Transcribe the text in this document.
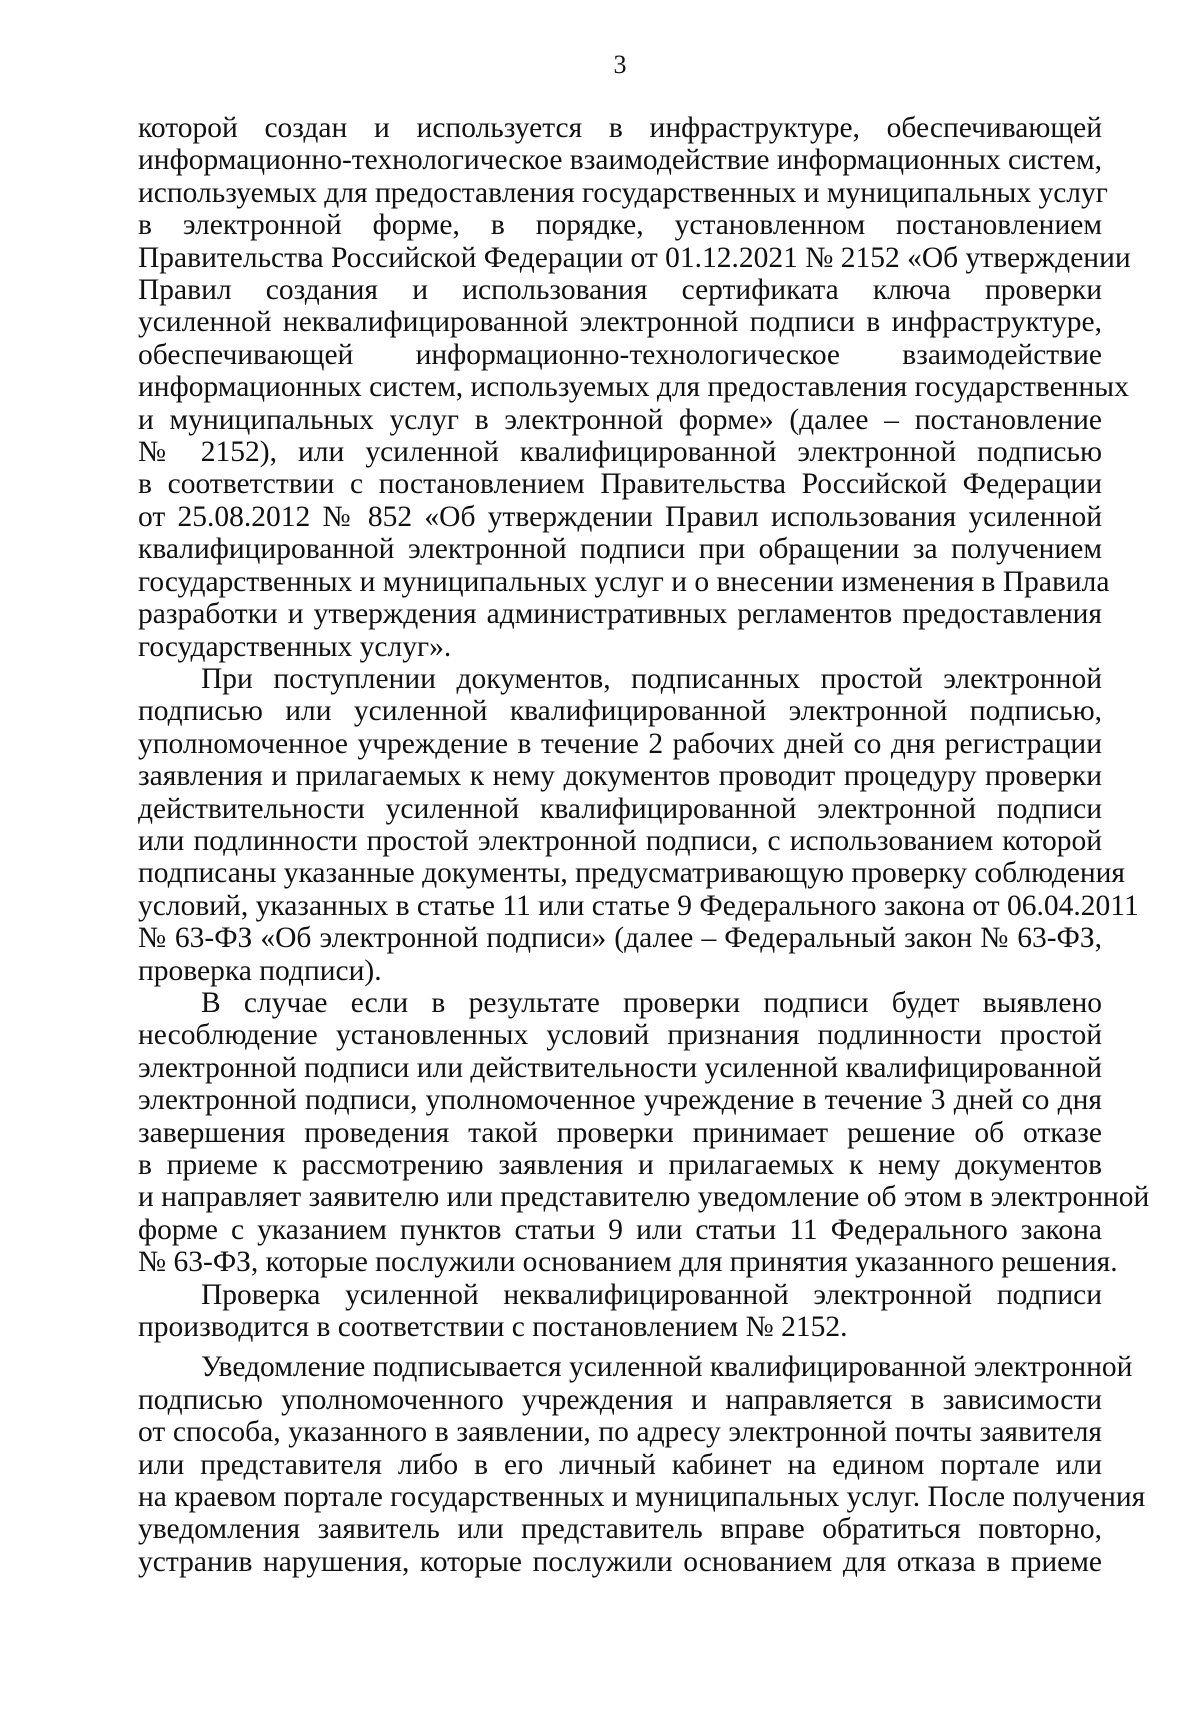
3
которой создан и используется в инфраструктуре, обеспечивающей
информационно-технологическое взаимодействие информационных систем,
используемых для предоставления государственных и муниципальных услуг
в электронной форме, в порядке, установленном постановлением
Правительства Российской Федерации от 01.12.2021 № 2152 «Об утверждении
Правил создания и использования сертификата ключа проверки
усиленной неквалифицированной электронной подписи в инфраструктуре,
обеспечивающей информационно-технологическое взаимодействие
информационных систем, используемых для предоставления государственных
и муниципальных услуг в электронной форме» (далее – постановление
№ 2152), или усиленной квалифицированной электронной подписью
в соответствии с постановлением Правительства Российской Федерации
от 25.08.2012 № 852 «Об утверждении Правил использования усиленной
квалифицированной электронной подписи при обращении за получением
государственных и муниципальных услуг и о внесении изменения в Правила
разработки и утверждения административных регламентов предоставления
государственных услуг».
При поступлении документов, подписанных простой электронной
подписью или усиленной квалифицированной электронной подписью,
уполномоченное учреждение в течение 2 рабочих дней со дня регистрации
заявления и прилагаемых к нему документов проводит процедуру проверки
действительности усиленной квалифицированной электронной подписи
или подлинности простой электронной подписи, с использованием которой
подписаны указанные документы, предусматривающую проверку соблюдения
условий, указанных в статье 11 или статье 9 Федерального закона от 06.04.2011
№ 63-ФЗ «Об электронной подписи» (далее – Федеральный закон № 63-ФЗ,
проверка подписи).
В случае если в результате проверки подписи будет выявлено
несоблюдение установленных условий признания подлинности простой
электронной подписи или действительности усиленной квалифицированной
электронной подписи, уполномоченное учреждение в течение 3 дней со дня
завершения проведения такой проверки принимает решение об отказе
в приеме к рассмотрению заявления и прилагаемых к нему документов
и направляет заявителю или представителю уведомление об этом в электронной
форме с указанием пунктов статьи 9 или статьи 11 Федерального закона
№ 63-ФЗ, которые послужили основанием для принятия указанного решения.
Проверка усиленной неквалифицированной электронной подписи
производится в соответствии с постановлением № 2152.
Уведомление подписывается усиленной квалифицированной электронной
подписью уполномоченного учреждения и направляется в зависимости
от способа, указанного в заявлении, по адресу электронной почты заявителя
или представителя либо в его личный кабинет на едином портале или
на краевом портале государственных и муниципальных услуг. После получения
уведомления заявитель или представитель вправе обратиться повторно,
устранив нарушения, которые послужили основанием для отказа в приеме
